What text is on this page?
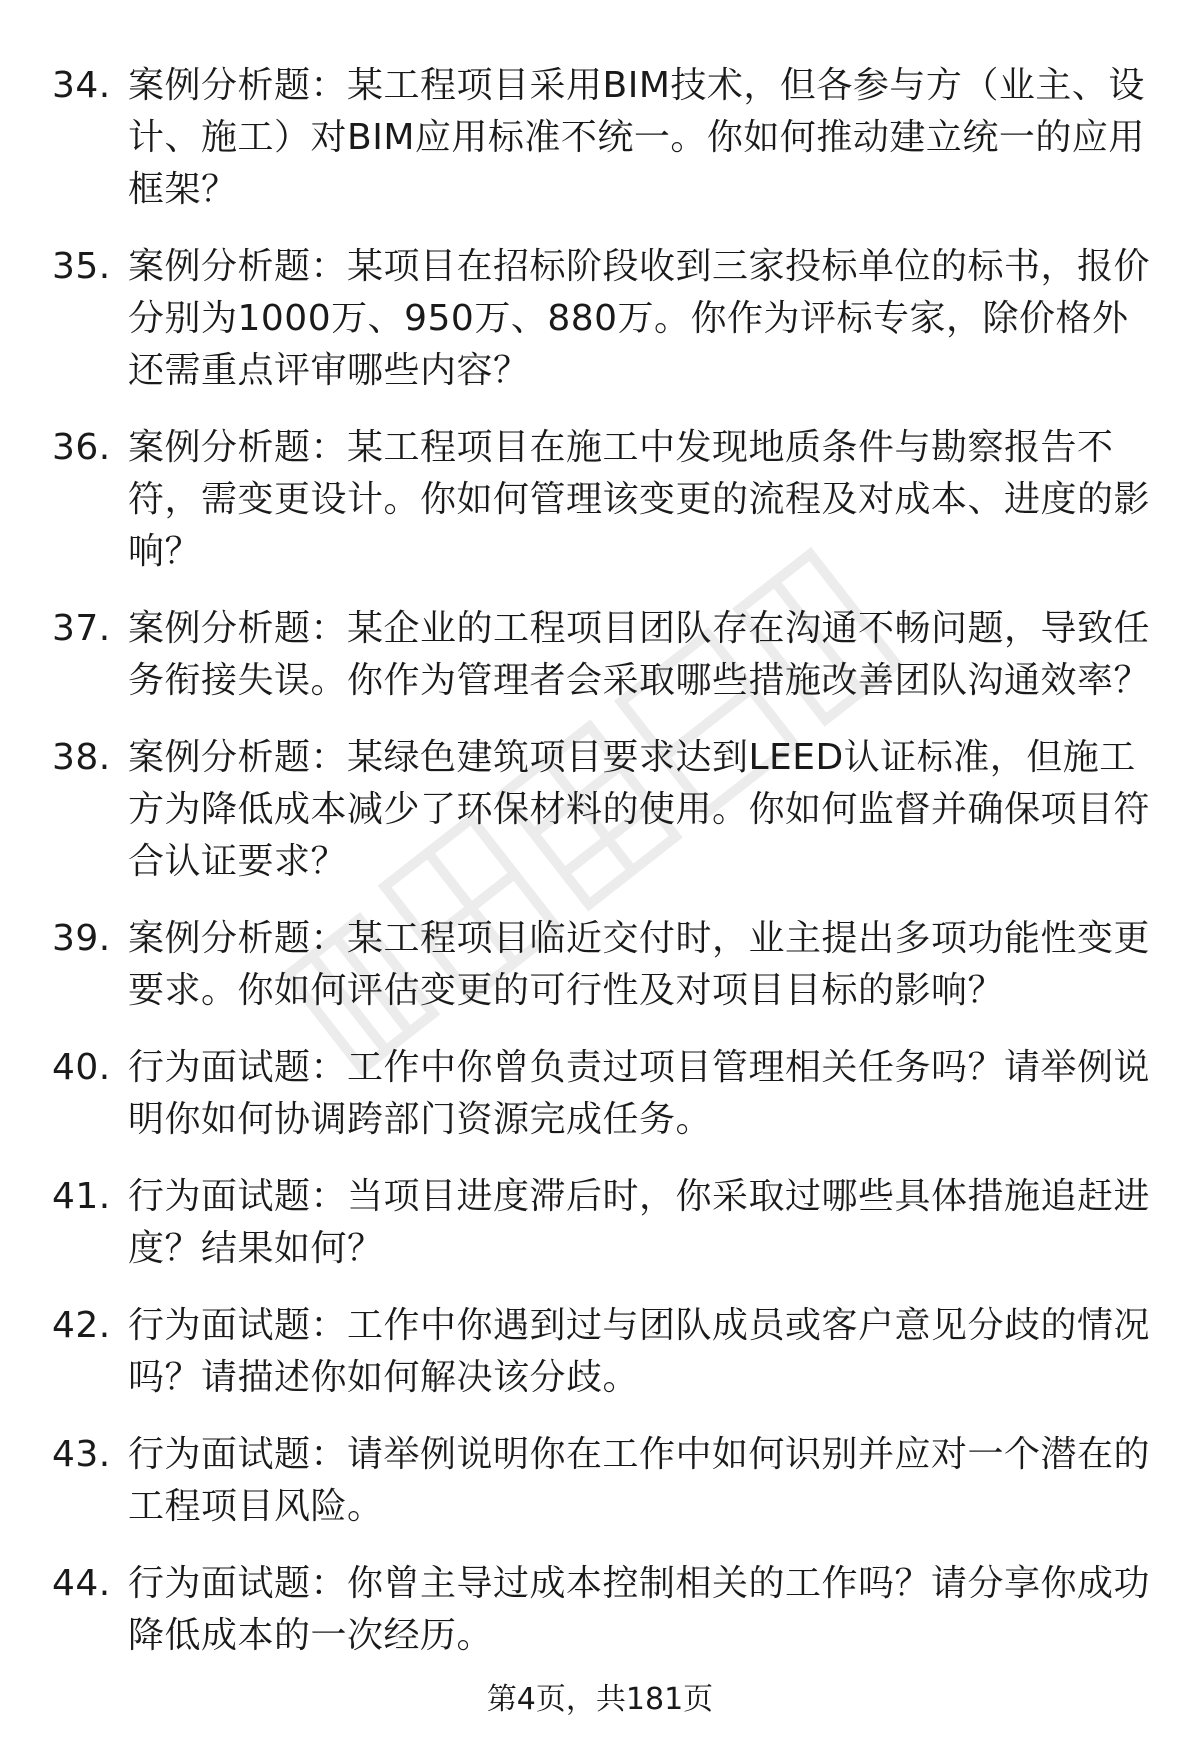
34. 案例分析题：某工程项目采用BIM技术，但各参与方（业主、设计、施工）对BIM应用标准不统一。你如何推动建立统一的应用框架？
35. 案例分析题：某项目在招标阶段收到三家投标单位的标书，报价分别为1000万、950万、880万。你作为评标专家，除价格外还需重点评审哪些内容？
36. 案例分析题：某工程项目在施工中发现地质条件与勘察报告不符，需变更设计。你如何管理该变更的流程及对成本、进度的影响？
37. 案例分析题：某企业的工程项目团队存在沟通不畅问题，导致任务衔接失误。你作为管理者会采取哪些措施改善团队沟通效率？
38. 案例分析题：某绿色建筑项目要求达到LEED认证标准，但施工方为降低成本减少了环保材料的使用。你如何监督并确保项目符合认证要求？
39. 案例分析题：某工程项目临近交付时，业主提出多项功能性变更要求。你如何评估变更的可行性及对项目目标的影响？
40. 行为面试题：工作中你曾负责过项目管理相关任务吗？请举例说明你如何协调跨部门资源完成任务。
41. 行为面试题：当项目进度滞后时，你采取过哪些具体措施追赶进度？结果如何？
42. 行为面试题：工作中你遇到过与团队成员或客户意见分歧的情况吗？请描述你如何解决该分歧。
43. 行为面试题：请举例说明你在工作中如何识别并应对一个潜在的工程项目风险。
44. 行为面试题：你曾主导过成本控制相关的工作吗？请分享你成功降低成本的一次经历。
第4页，共181页
